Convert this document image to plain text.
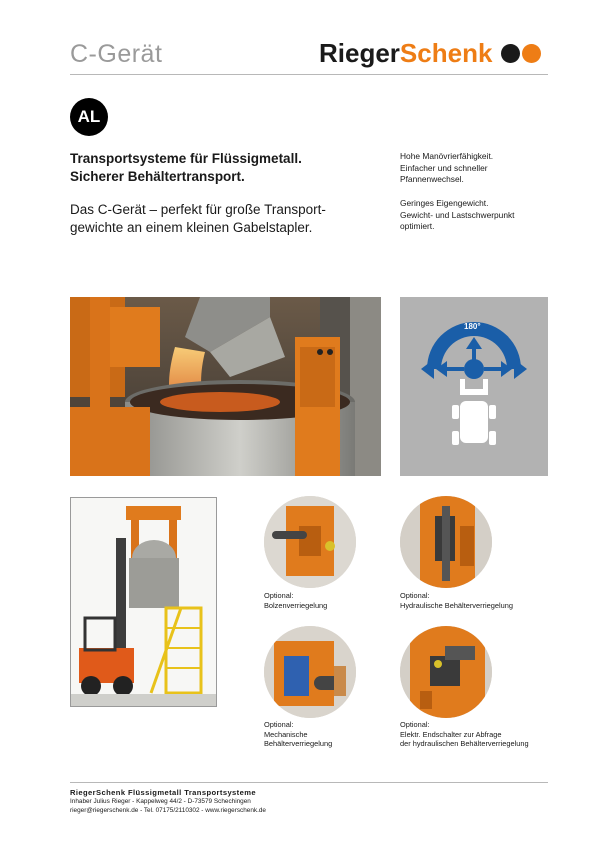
C-Gerät	RiegerSchenk
AL
Transportsysteme für Flüssigmetall.
Sicherer Behältertransport.
Das C-Gerät – perfekt für große Transport-
gewichte an einem kleinen Gabelstapler.
Hohe Manövrierfähigkeit.
Einfacher und schneller
Pfannenwechsel.
Geringes Eigengewicht.
Gewicht- und Lastschwerpunkt
optimiert.
180°
Optional:
Bolzenverriegelung
Optional:
Hydraulische Behälterverriegelung
Optional:
Mechanische
Behälterverriegelung
Optional:
Elektr. Endschalter zur Abfrage
der hydraulischen Behälterverriegelung
RiegerSchenk Flüssigmetall Transportsysteme
Inhaber Julius Rieger - Kappelweg 44/2 - D-73579 Schechingen
rieger@riegerschenk.de - Tel. 07175/2110302 - www.riegerschenk.de
